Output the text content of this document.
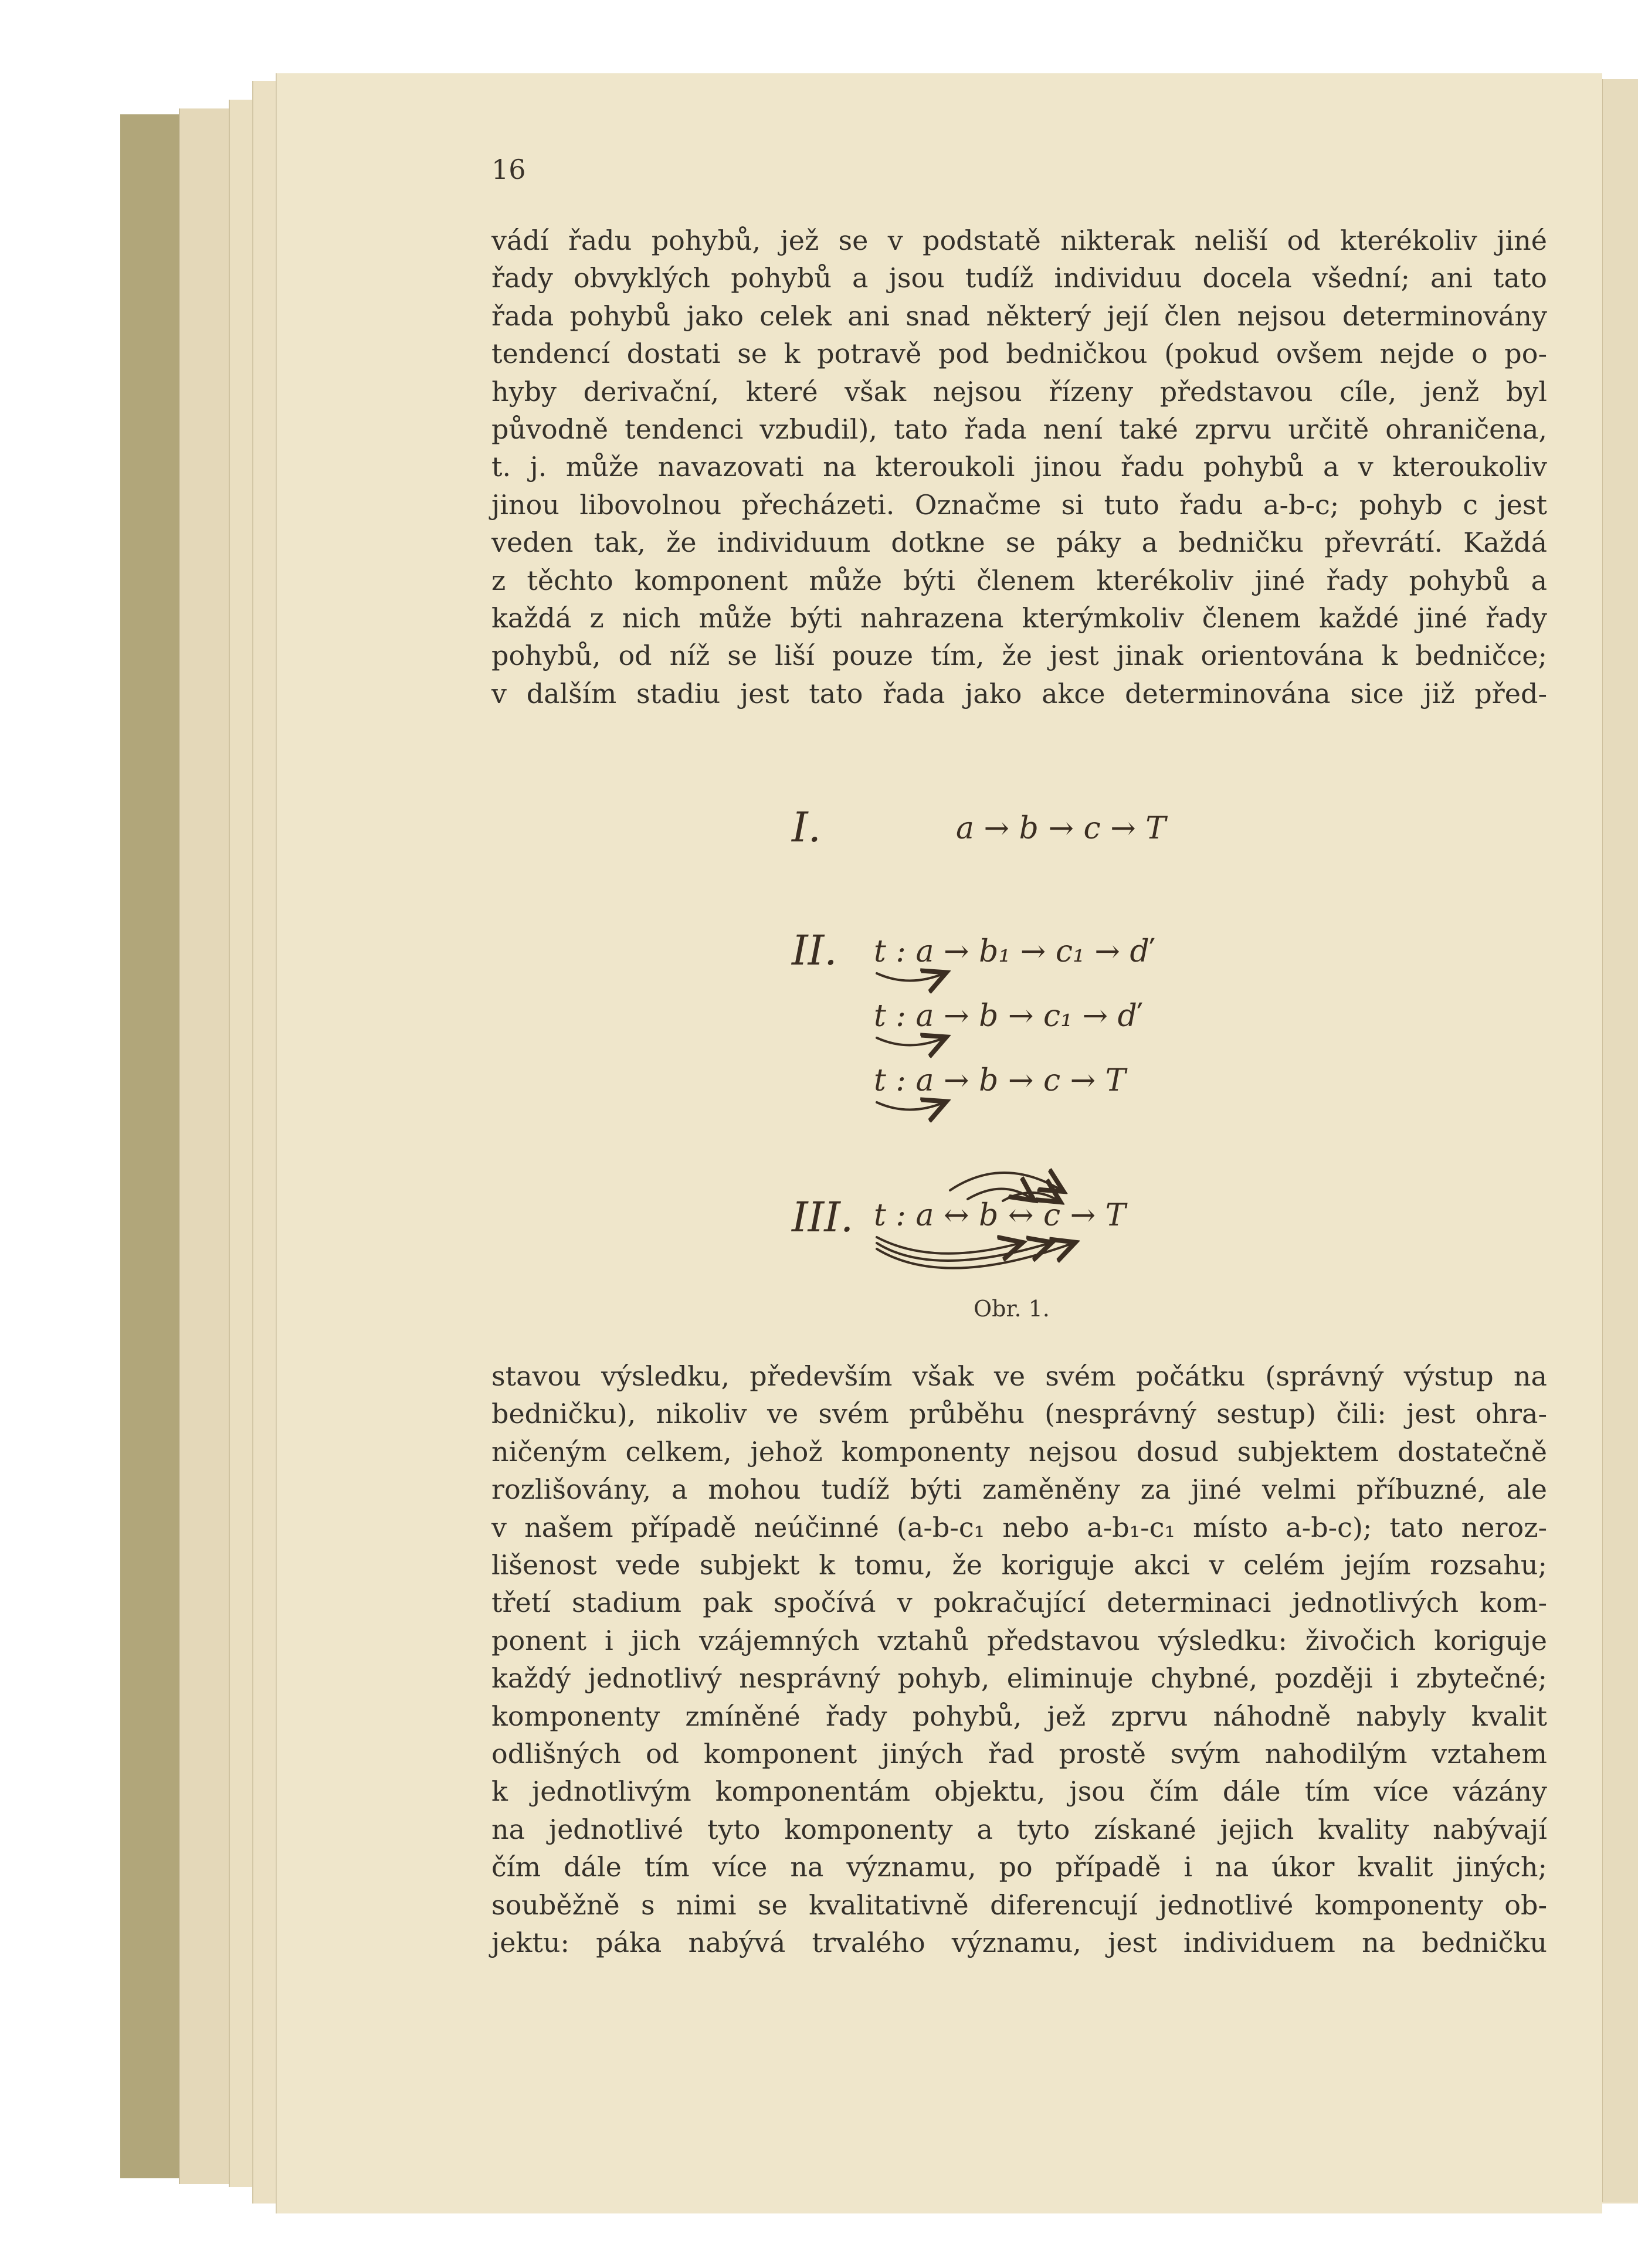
16
vádí řadu pohybů, jež se v podstatě nikterak neliší od kterékoliv jiné
řady obvyklých pohybů a jsou tudíž individuu docela všední; ani tato
řada pohybů jako celek ani snad některý její člen nejsou determinovány
tendencí dostati se k potravě pod bedničkou (pokud ovšem nejde o po-
hyby derivační, které však nejsou řízeny představou cíle, jenž byl
původně tendenci vzbudil), tato řada není také zprvu určitě ohraničena,
t. j. může navazovati na kteroukoli jinou řadu pohybů a v kteroukoliv
jinou libovolnou přecházeti. Označme si tuto řadu a-b-c; pohyb c jest
veden tak, že individuum dotkne se páky a bedničku převrátí. Každá
z těchto komponent může býti členem kterékoliv jiné řady pohybů a
každá z nich může býti nahrazena kterýmkoliv členem každé jiné řady
pohybů, od níž se liší pouze tím, že jest jinak orientována k bedničce;
v dalším stadiu jest tato řada jako akce determinována sice již před-
I.	a → b → c → T
II. t : a → b₁ → c₁ → ď
t : a → b → c₁ → ď
t : a → b → c → T
III. t : a ↔ b ↔ c → T
Obr. 1.
stavou výsledku, především však ve svém počátku (správný výstup na
bedničku), nikoliv ve svém průběhu (nesprávný sestup) čili: jest ohra-
ničeným celkem, jehož komponenty nejsou dosud subjektem dostatečně
rozlišovány, a mohou tudíž býti zaměněny za jiné velmi příbuzné, ale
v našem případě neúčinné (a-b-c₁ nebo a-b₁-c₁ místo a-b-c); tato neroz-
lišenost vede subjekt k tomu, že koriguje akci v celém jejím rozsahu;
třetí stadium pak spočívá v pokračující determinaci jednotlivých kom-
ponent i jich vzájemných vztahů představou výsledku: živočich koriguje
každý jednotlivý nesprávný pohyb, eliminuje chybné, později i zbytečné;
komponenty zmíněné řady pohybů, jež zprvu náhodně nabyly kvalit
odlišných od komponent jiných řad prostě svým nahodilým vztahem
k jednotlivým komponentám objektu, jsou čím dále tím více vázány
na jednotlivé tyto komponenty a tyto získané jejich kvality nabývají
čím dále tím více na významu, po případě i na úkor kvalit jiných;
souběžně s nimi se kvalitativně diferencují jednotlivé komponenty ob-
jektu: páka nabývá trvalého významu, jest individuem na bedničku
